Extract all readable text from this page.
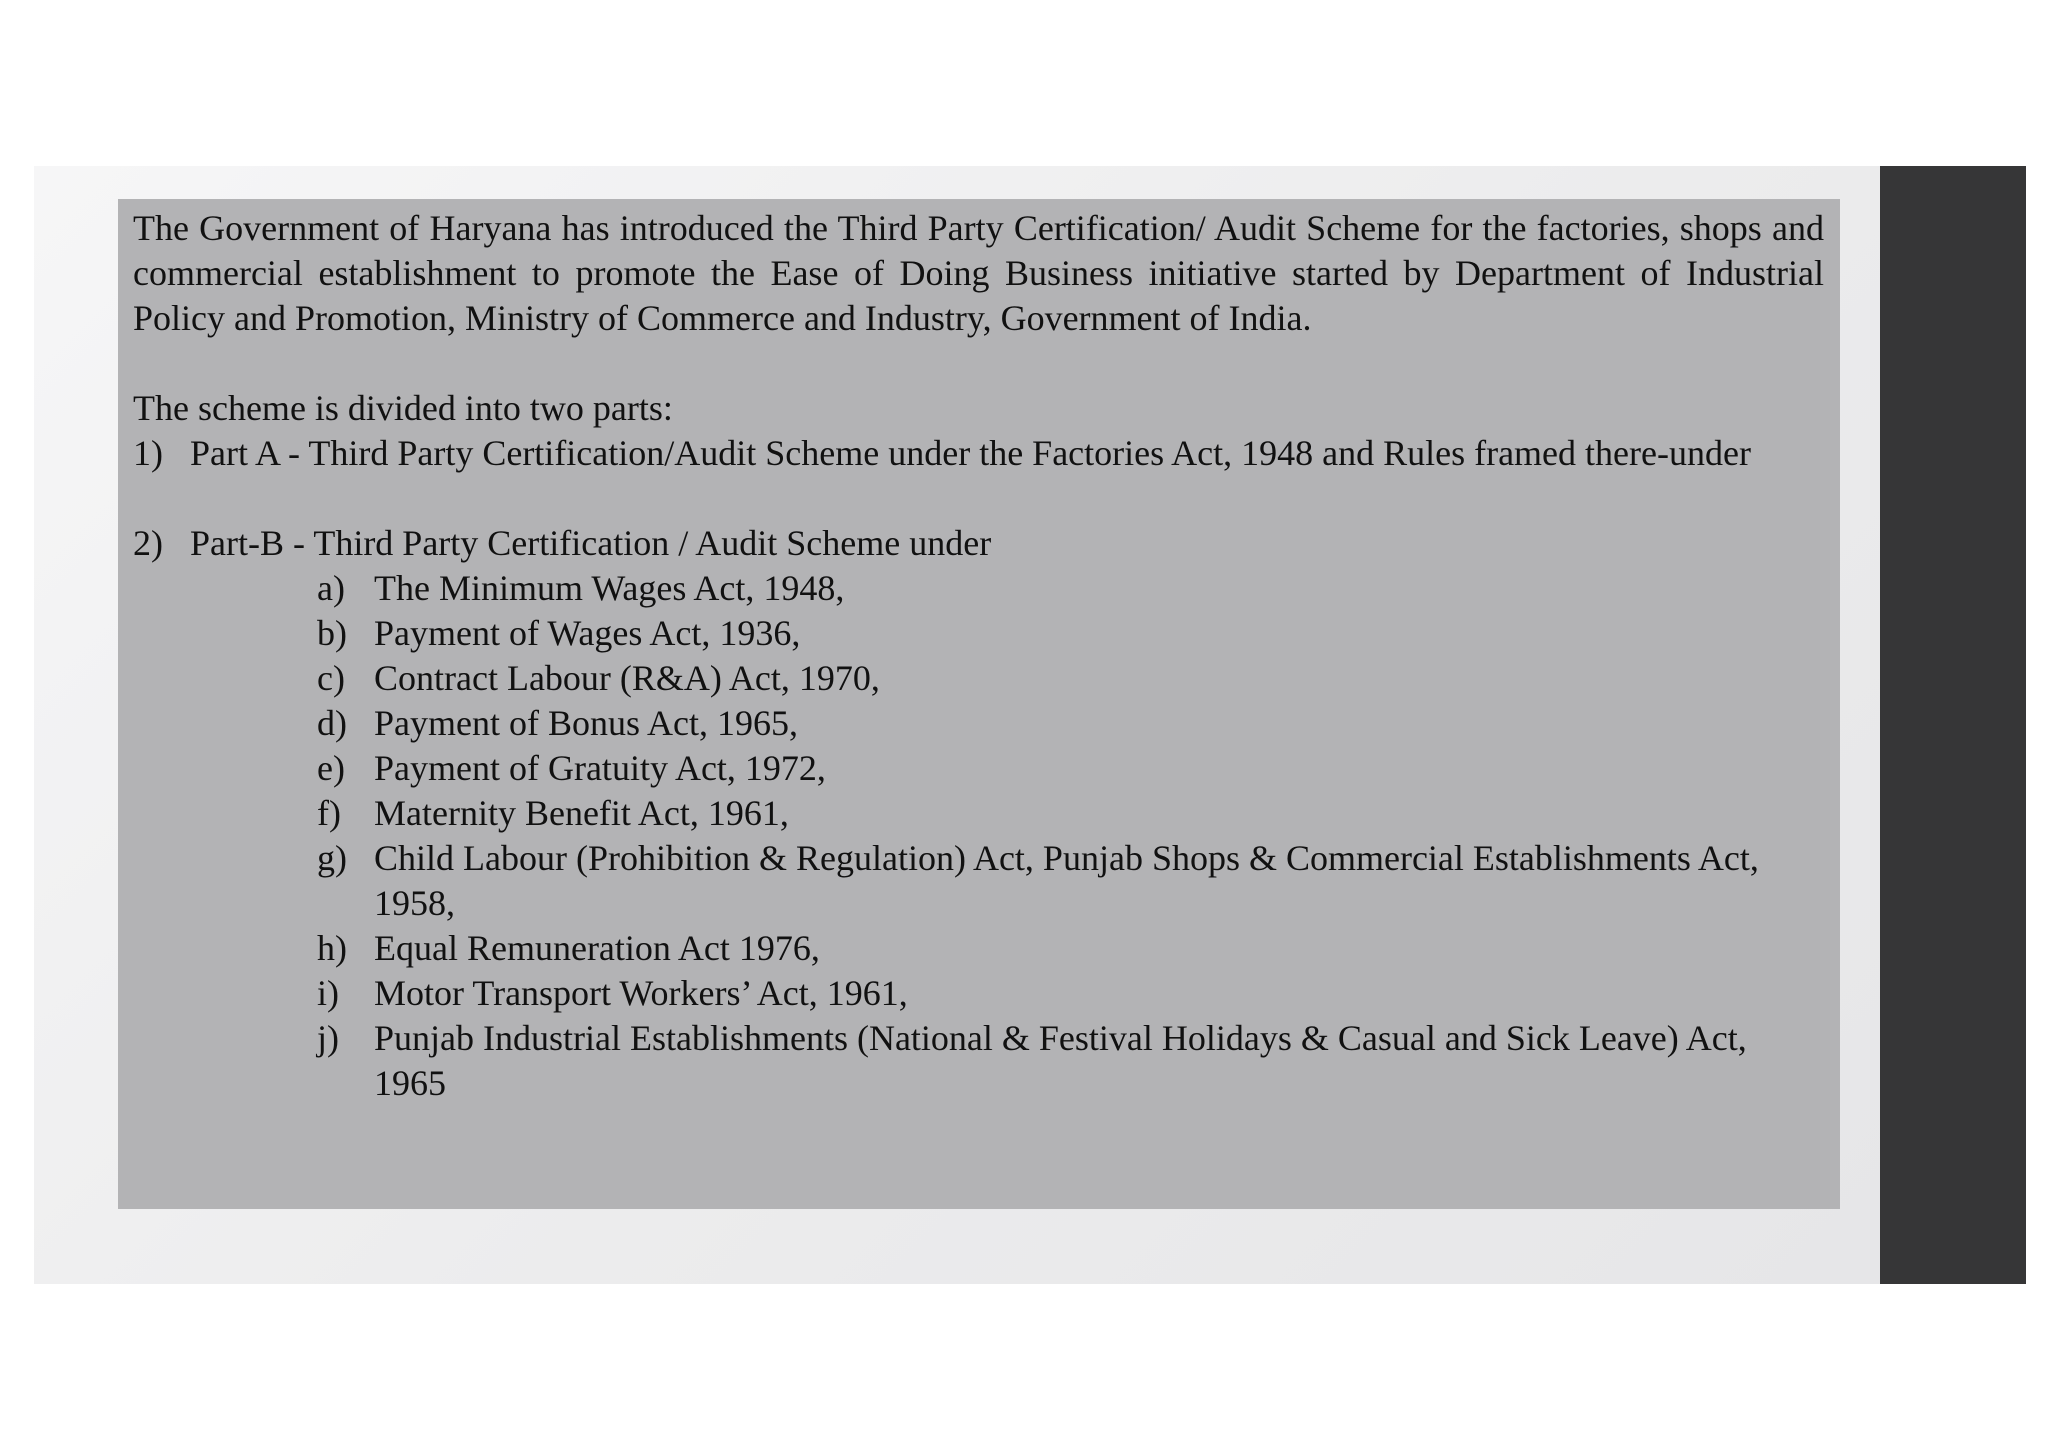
The Government of Haryana has introduced the Third Party Certification/ Audit Scheme for the factories, shops and commercial establishment to promote the Ease of Doing Business initiative started by Department of Industrial Policy and Promotion, Ministry of Commerce and Industry, Government of India.

The scheme is divided into two parts:

1) Part A - Third Party Certification/Audit Scheme under the Factories Act, 1948 and Rules framed there-under
2) Part-B - Third Party Certification / Audit Scheme under
a) The Minimum Wages Act, 1948,
b) Payment of Wages Act, 1936,
c) Contract Labour (R&A) Act, 1970,
d) Payment of Bonus Act, 1965,
e) Payment of Gratuity Act, 1972,
f) Maternity Benefit Act, 1961,
g) Child Labour (Prohibition & Regulation) Act, Punjab Shops & Commercial Establishments Act, 1958,
h) Equal Remuneration Act 1976,
i) Motor Transport Workers’ Act, 1961,
j) Punjab Industrial Establishments (National & Festival Holidays & Casual and Sick Leave) Act, 1965
